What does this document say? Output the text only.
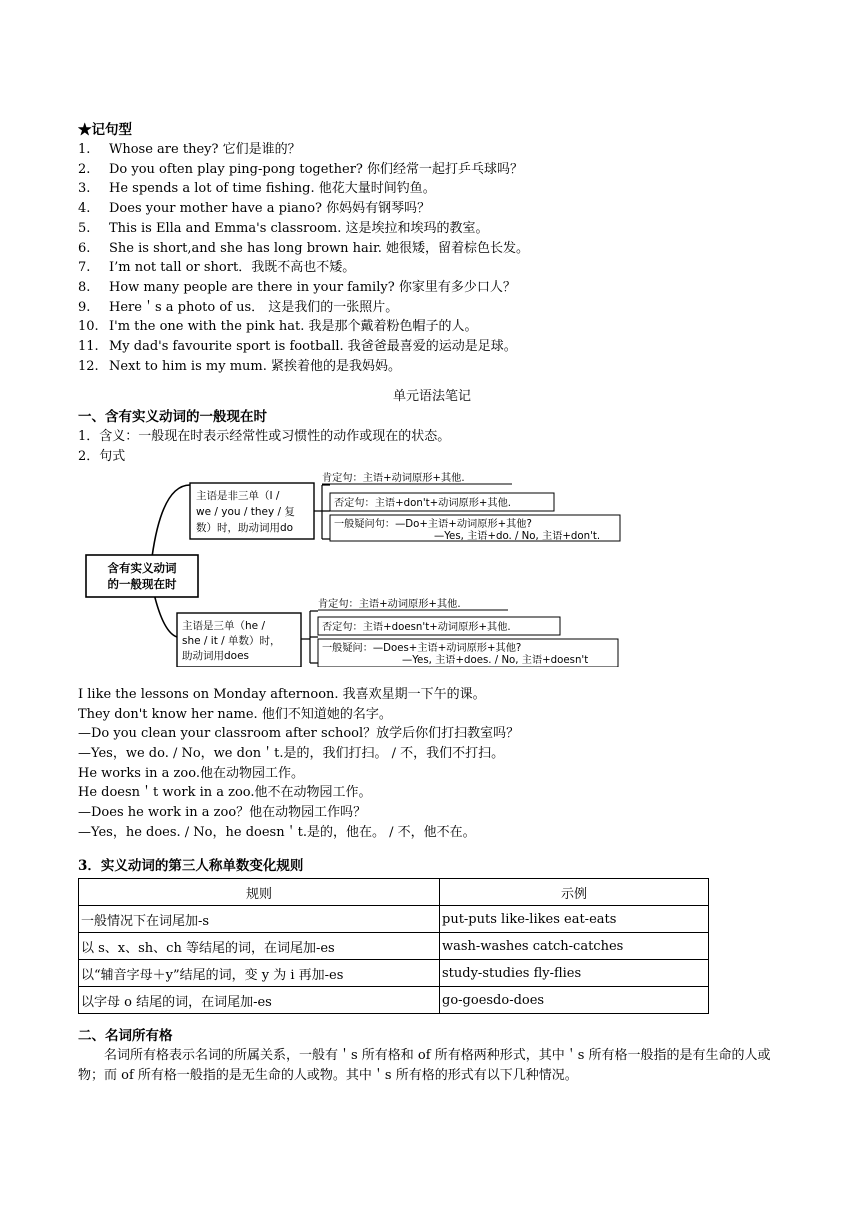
★记句型
1.	Whose are they? 它们是谁的？
2.	Do you often play ping-pong together? 你们经常一起打乒乓球吗？
3.	He spends a lot of time fishing. 他花大量时间钓鱼。
4.	Does your mother have a piano? 你妈妈有钢琴吗？
5.	This is Ella and Emma's classroom. 这是埃拉和埃玛的教室。
6.	She is short,and she has long brown hair. 她很矮，留着棕色长发。
7.	I’m not tall or short．我既不高也不矮。
8.	How many people are there in your family? 你家里有多少口人？
9.	Here＇s a photo of us． 这是我们的一张照片。
10. I'm the one with the pink hat. 我是那个戴着粉色帽子的人。
11. My dad's favourite sport is football. 我爸爸最喜爱的运动是足球。
12. Next to him is my mum. 紧挨着他的是我妈妈。
单元语法笔记
一、含有实义动词的一般现在时
1．含义：一般现在时表示经常性或习惯性的动作或现在的状态。
2．句式
含有实义动词
的一般现在时
主语是非三单（I /
we / you / they / 复
数）时，助动词用do
肯定句：主语+动词原形+其他.
否定句：主语+don't+动词原形+其他.
一般疑问句：—Do+主语+动词原形+其他?
—Yes, 主语+do. / No, 主语+don't.
主语是三单（he /
she / it / 单数）时，
助动词用does
肯定句：主语+动词原形+其他.
否定句：主语+doesn't+动词原形+其他.
一般疑问：—Does+主语+动词原形+其他?
—Yes, 主语+does. / No, 主语+doesn't
I like the lessons on Monday afternoon. 我喜欢星期一下午的课。
They don't know her name. 他们不知道她的名字。
—Do you clean your classroom after school？放学后你们打扫教室吗？
—Yes，we do. / No，we don＇t.是的，我们打扫。 / 不，我们不打扫。
He works in a zoo.他在动物园工作。
He doesn＇t work in a zoo.他不在动物园工作。
—Does he work in a zoo？他在动物园工作吗？
—Yes，he does. / No，he doesn＇t.是的，他在。 / 不，他不在。
3．实义动词的第三人称单数变化规则
规则	示例
一般情况下在词尾加-s	put-puts like-likes eat-eats
以 s、x、sh、ch 等结尾的词，在词尾加-es	wash-washes catch-catches
以“辅音字母＋y”结尾的词，变 y 为 i 再加-es	study-studies fly-flies
以字母 o 结尾的词，在词尾加-es	go-goesdo-does
二、名词所有格
名词所有格表示名词的所属关系，一般有＇s 所有格和 of 所有格两种形式，其中＇s 所有格一般指的是有生命的人或物；而 of 所有格一般指的是无生命的人或物。其中＇s 所有格的形式有以下几种情况。
